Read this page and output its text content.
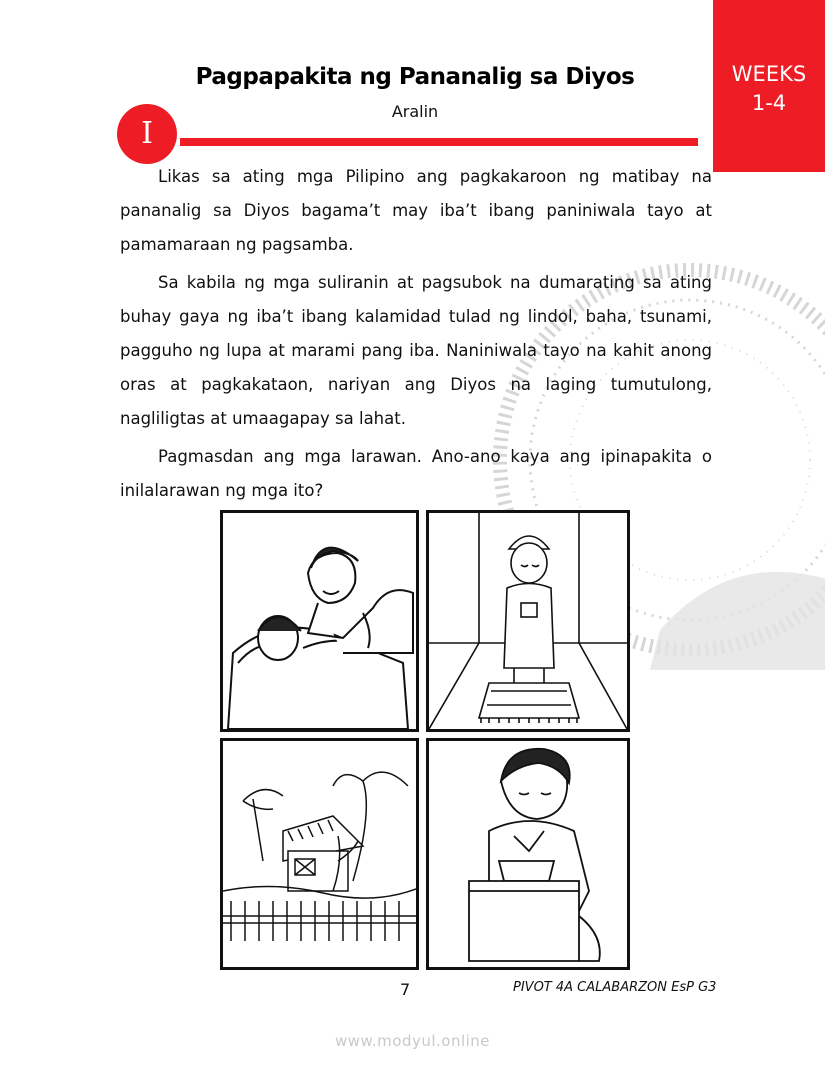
WEEKS
1-4
Pagpapakita ng Pananalig sa Diyos
Aralin
I

Likas sa ating mga Pilipino ang pagkakaroon ng matibay na pananalig sa Diyos bagama’t may iba’t ibang paniniwala tayo at pamamaraan ng pagsamba.

Sa kabila ng mga suliranin at pagsubok na dumarating sa ating buhay gaya ng iba’t ibang kalamidad tulad ng lindol, baha, tsunami, pagguho ng lupa at marami pang iba. Naniniwala tayo na kahit anong oras at pagkakataon, nariyan ang Diyos na laging tumutulong, nagliligtas at umaagapay sa lahat.

Pagmasdan ang mga larawan. Ano-ano kaya ang ipinapakita o inilalarawan ng mga ito?

7	PIVOT 4A CALABARZON EsP G3
www.modyul.online
